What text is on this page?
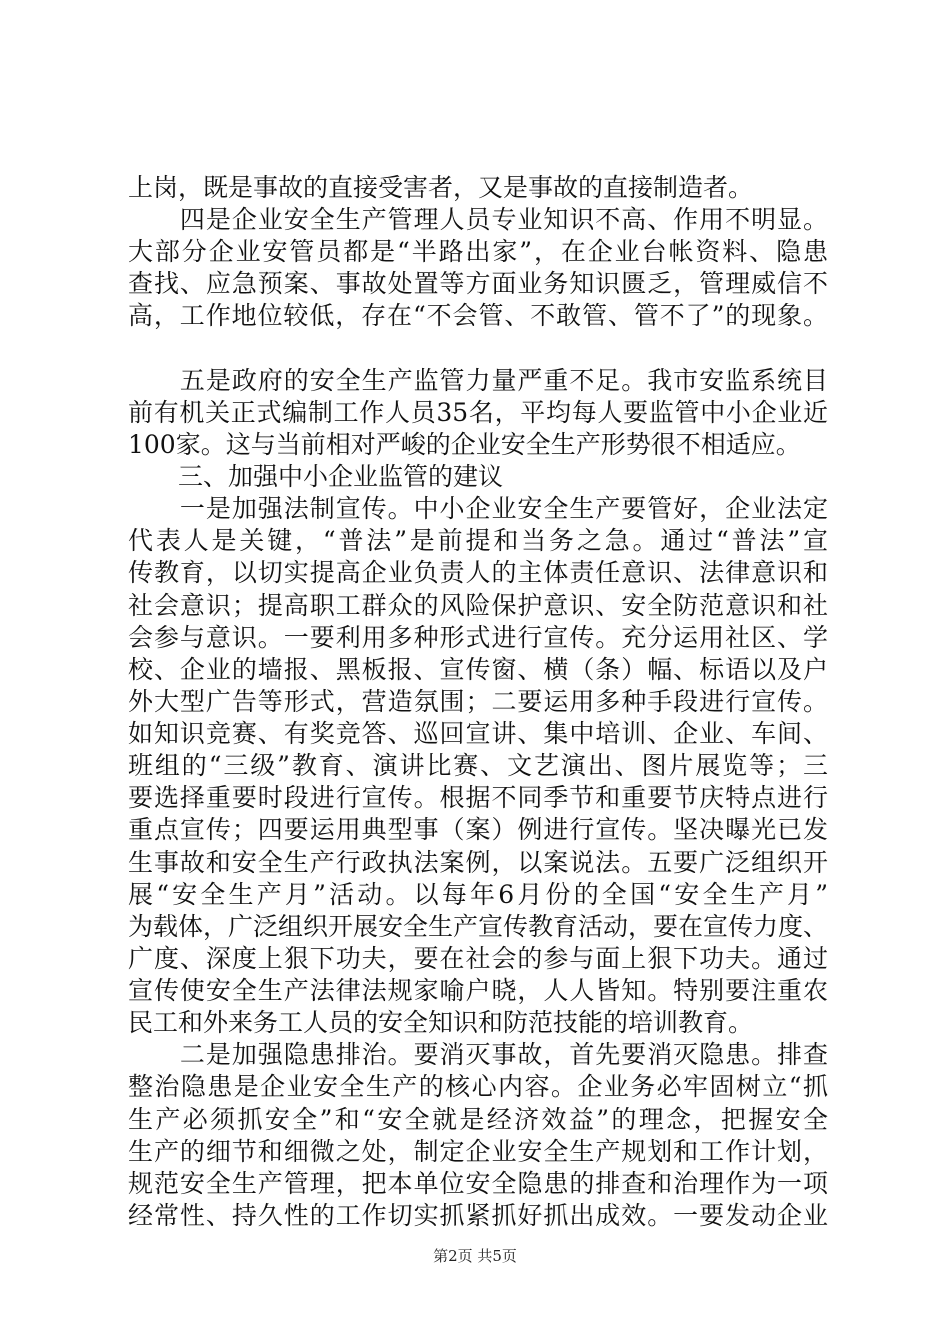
上岗，既是事故的直接受害者，又是事故的直接制造者。
　　四是企业安全生产管理人员专业知识不高、作用不明显。
大部分企业安管员都是“半路出家”，在企业台帐资料、隐患
查找、应急预案、事故处置等方面业务知识匮乏，管理威信不
高，工作地位较低，存在“不会管、不敢管、管不了”的现象。
　　五是政府的安全生产监管力量严重不足。我市安监系统目
前有机关正式编制工作人员35名，平均每人要监管中小企业近
100家。这与当前相对严峻的企业安全生产形势很不相适应。
　　三、加强中小企业监管的建议
　　一是加强法制宣传。中小企业安全生产要管好，企业法定
代表人是关键，“普法”是前提和当务之急。通过“普法”宣
传教育，以切实提高企业负责人的主体责任意识、法律意识和
社会意识；提高职工群众的风险保护意识、安全防范意识和社
会参与意识。一要利用多种形式进行宣传。充分运用社区、学
校、企业的墙报、黑板报、宣传窗、横（条）幅、标语以及户
外大型广告等形式，营造氛围；二要运用多种手段进行宣传。
如知识竞赛、有奖竞答、巡回宣讲、集中培训、企业、车间、
班组的“三级”教育、演讲比赛、文艺演出、图片展览等；三
要选择重要时段进行宣传。根据不同季节和重要节庆特点进行
重点宣传；四要运用典型事（案）例进行宣传。坚决曝光已发
生事故和安全生产行政执法案例，以案说法。五要广泛组织开
展“安全生产月”活动。以每年6月份的全国“安全生产月”
为载体，广泛组织开展安全生产宣传教育活动，要在宣传力度、
广度、深度上狠下功夫，要在社会的参与面上狠下功夫。通过
宣传使安全生产法律法规家喻户晓，人人皆知。特别要注重农
民工和外来务工人员的安全知识和防范技能的培训教育。
　　二是加强隐患排治。要消灭事故，首先要消灭隐患。排查
整治隐患是企业安全生产的核心内容。企业务必牢固树立“抓
生产必须抓安全”和“安全就是经济效益”的理念，把握安全
生产的细节和细微之处，制定企业安全生产规划和工作计划，
规范安全生产管理，把本单位安全隐患的排查和治理作为一项
经常性、持久性的工作切实抓紧抓好抓出成效。一要发动企业
第2页 共5页
